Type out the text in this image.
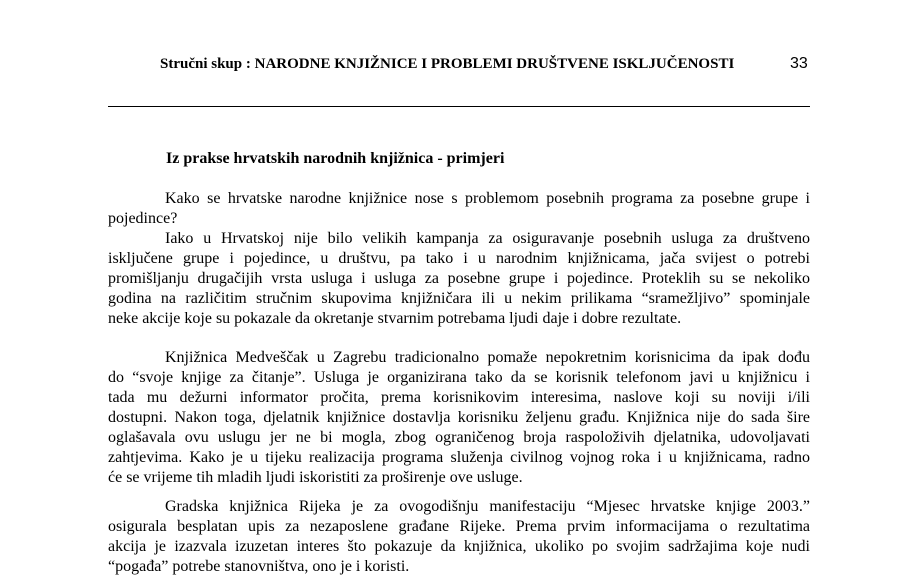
Stručni skup : NARODNE KNJIŽNICE I PROBLEMI DRUŠTVENE ISKLJUČENOSTI	33
Iz prakse hrvatskih narodnih knjižnica - primjeri
Kako se hrvatske narodne knjižnice nose s problemom posebnih programa za posebne grupe i
pojedince?
Iako u Hrvatskoj nije bilo velikih kampanja za osiguravanje posebnih usluga za društveno
isključene grupe i pojedince, u društvu, pa tako i u narodnim knjižnicama, jača svijest o potrebi
promišljanju drugačijih vrsta usluga i usluga za posebne grupe i pojedince. Proteklih su se nekoliko
godina na različitim stručnim skupovima knjižničara ili u nekim prilikama “sramežljivo” spominjale
neke akcije koje su pokazale da okretanje stvarnim potrebama ljudi daje i dobre rezultate.
Knjižnica Medveščak u Zagrebu tradicionalno pomaže nepokretnim korisnicima da ipak dođu
do “svoje knjige za čitanje”. Usluga je organizirana tako da se korisnik telefonom javi u knjižnicu i
tada mu dežurni informator pročita, prema korisnikovim interesima, naslove koji su noviji i/ili
dostupni. Nakon toga, djelatnik knjižnice dostavlja korisniku željenu građu. Knjižnica nije do sada šire
oglašavala ovu uslugu jer ne bi mogla, zbog ograničenog broja raspoloživih djelatnika, udovoljavati
zahtjevima. Kako je u tijeku realizacija programa služenja civilnog vojnog roka i u knjižnicama, radno
će se vrijeme tih mladih ljudi iskoristiti za proširenje ove usluge.
Gradska knjižnica Rijeka je za ovogodišnju manifestaciju “Mjesec hrvatske knjige 2003.”
osigurala besplatan upis za nezaposlene građane Rijeke. Prema prvim informacijama o rezultatima
akcija je izazvala izuzetan interes što pokazuje da knjižnica, ukoliko po svojim sadržajima koje nudi
“pogađa” potrebe stanovništva, ono je i koristi.
